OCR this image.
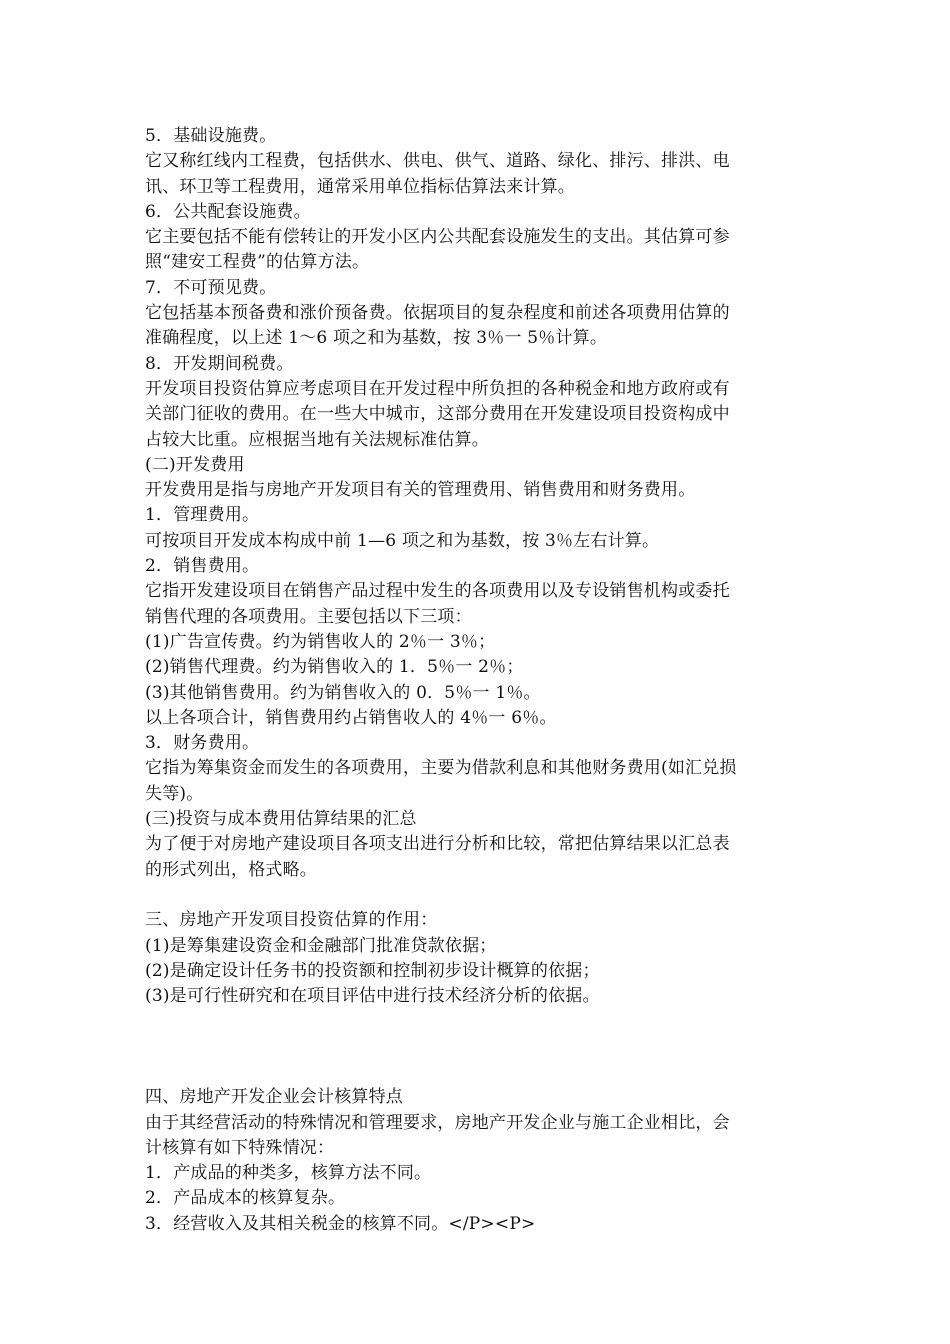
5．基础设施费。
它又称红线内工程费，包括供水、供电、供气、道路、绿化、排污、排洪、电
讯、环卫等工程费用，通常采用单位指标估算法来计算。
6．公共配套设施费。
它主要包括不能有偿转让的开发小区内公共配套设施发生的支出。其估算可参
照“建安工程费”的估算方法。
7．不可预见费。
它包括基本预备费和涨价预备费。依据项目的复杂程度和前述各项费用估算的
准确程度，以上述 1～6 项之和为基数，按 3％一 5％计算。
8．开发期间税费。
开发项目投资估算应考虑项目在开发过程中所负担的各种税金和地方政府或有
关部门征收的费用。在一些大中城市，这部分费用在开发建设项目投资构成中
占较大比重。应根据当地有关法规标准估算。
(二)开发费用
开发费用是指与房地产开发项目有关的管理费用、销售费用和财务费用。
1．管理费用。
可按项目开发成本构成中前 1—6 项之和为基数，按 3％左右计算。
2．销售费用。
它指开发建设项目在销售产品过程中发生的各项费用以及专设销售机构或委托
销售代理的各项费用。主要包括以下三项：
(1)广告宣传费。约为销售收人的 2％一 3％；
(2)销售代理费。约为销售收入的 1．5％一 2％；
(3)其他销售费用。约为销售收入的 0．5％一 1％。
以上各项合计，销售费用约占销售收人的 4％一 6％。
3．财务费用。
它指为筹集资金而发生的各项费用，主要为借款利息和其他财务费用(如汇兑损
失等)。
(三)投资与成本费用估算结果的汇总
为了便于对房地产建设项目各项支出进行分析和比较，常把估算结果以汇总表
的形式列出，格式略。
三、房地产开发项目投资估算的作用：
(1)是筹集建设资金和金融部门批准贷款依据；
(2)是确定设计任务书的投资额和控制初步设计概算的依据；
(3)是可行性研究和在项目评估中进行技术经济分析的依据。
四、房地产开发企业会计核算特点
由于其经营活动的特殊情况和管理要求，房地产开发企业与施工企业相比，会
计核算有如下特殊情况：
1．产成品的种类多，核算方法不同。
2．产品成本的核算复杂。
3．经营收入及其相关税金的核算不同。</P><P>
